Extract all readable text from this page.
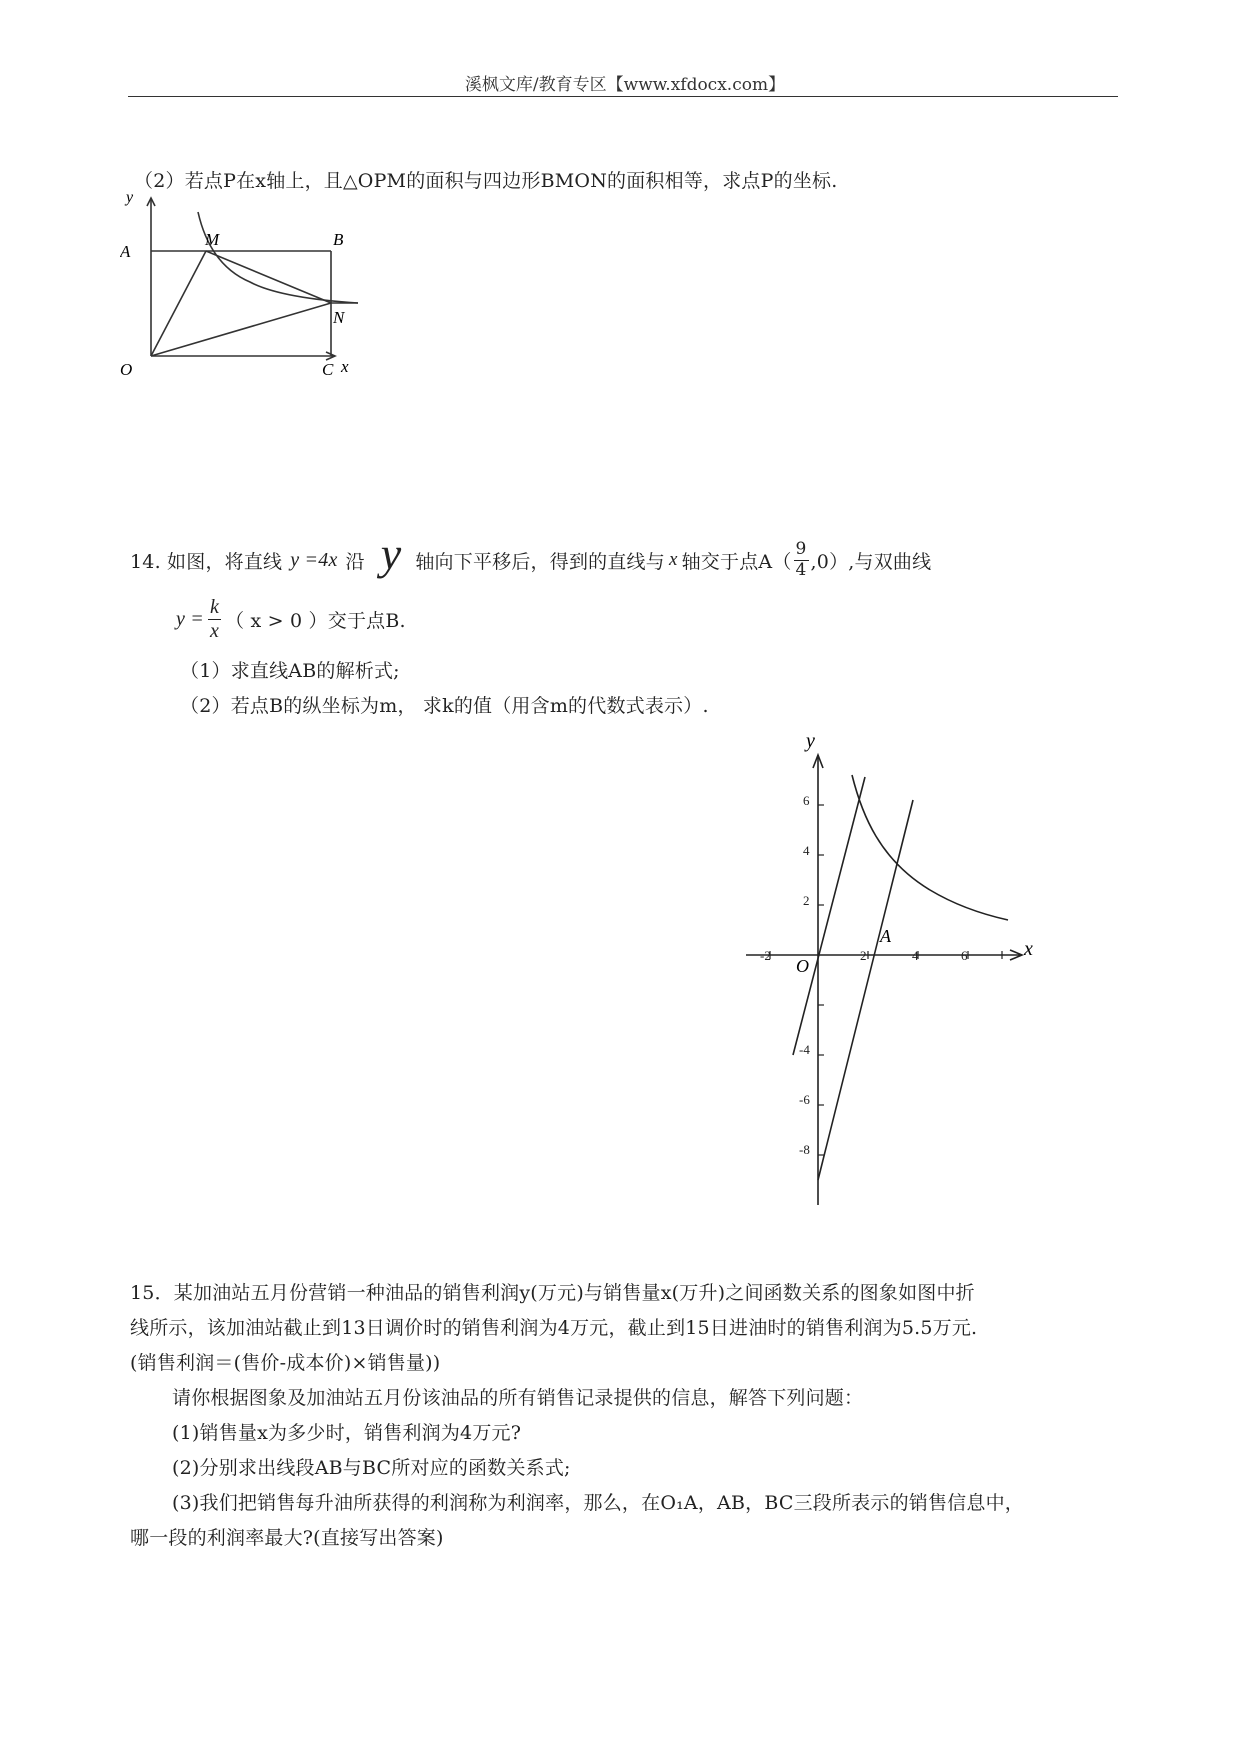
溪枫文库/教育专区【www.xfdocx.com】
（2）若点P在x轴上，且△OPM的面积与四边形BMON的面积相等，求点P的坐标.
y
x
A
M	B
N
O	C
14. 如图，将直线 y =4x 沿 y 轴向下平移后，得到的直线与 x 轴交于点$A( \frac{9}{4} ,0)$,与双曲线
$y = \frac{k}{x}$ （ x > 0 ）交于点B.
（1）求直线AB的解析式;
（2）若点B的纵坐标为m， 求k的值（用含m的代数式表示）.
y
x
O
A
-2	2	4	6
6
4
2
-4
-6
-8
15．某加油站五月份营销一种油品的销售利润y(万元)与销售量x(万升)之间函数关系的图象如图中折
线所示，该加油站截止到13日调价时的销售利润为4万元，截止到15日进油时的销售利润为5.5万元.
(销售利润＝(售价-成本价)×销售量))
请你根据图象及加油站五月份该油品的所有销售记录提供的信息，解答下列问题：
(1)销售量x为多少时，销售利润为4万元?
(2)分别求出线段AB与BC所对应的函数关系式;
(3)我们把销售每升油所获得的利润称为利润率，那么，在O₁A，AB，BC三段所表示的销售信息中，
哪一段的利润率最大?(直接写出答案)
